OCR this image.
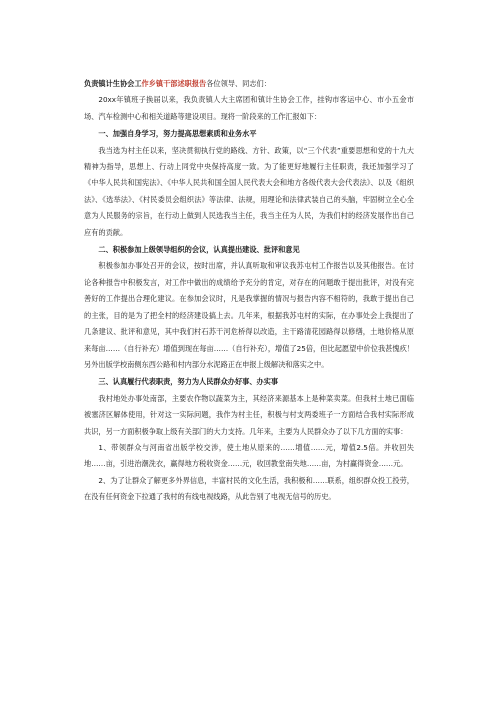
负责镇计生协会工作乡镇干部述职报告各位领导、同志们：

20xx年镇班子换届以来，我负责镇人大主席团和镇计生协会工作，挂钩市客运中心、市小五金市场、汽车检测中心和相关道路等建设项目。现将一阶段来的工作汇报如下：

一、加强自身学习，努力提高思想素质和业务水平

我当选为村主任以来，坚决贯彻执行党的路线、方针、政策，以“三个代表”重要思想和党的十九大精神为指导，思想上、行动上同党中央保持高度一致。为了能更好地履行主任职责，我还加强学习了《中华人民共和国宪法》、《中华人民共和国全国人民代表大会和地方各级代表大会代表法》、以及《组织法》、《选举法》、《村民委员会组织法》等法律、法规，用理论和法律武装自己的头脑，牢固树立全心全意为人民服务的宗旨，在行动上做到人民选我当主任，我当主任为人民，为我们村的经济发展作出自己应有的贡献。

二、积极参加上级领导组织的会议，认真提出建设、批评和意见

积极参加办事处召开的会议，按时出席，并认真听取和审议我苏屯村工作报告以及其他报告。在讨论各种报告中积极发言，对工作中做出的成绩给予充分的肯定，对存在的问题敢于提出批评，对没有完善好的工作提出合理化建议。在参加会议时，凡是我掌握的情况与报告内容不相符的，我敢于提出自己的主张，目的是为了把全村的经济建设搞上去。几年来，根据我苏屯村的实际，在办事处会上我提出了几条建议、批评和意见，其中我们村石苏干河危桥得以改造，主干路清花园路得以修缮，土地价格从原来每亩……（自行补充）增值到现在每亩……（自行补充），增值了25倍，但比起愿望中价位我甚愧疚！另外出版学校南侧东西公路和村内部分水泥路正在申报上级解决和落实之中。

三、认真履行代表职责，努力为人民群众办好事、办实事

我村地处办事处南部，主要农作物以蔬菜为主，其经济来源基本上是种菜卖菜。但我村土地已面临被塞济区解体使用，针对这一实际问题，我作为村主任，积极与村支两委班子一方面结合我村实际形成共识，另一方面积极争取上级有关部门的大力支持。几年来，主要为人民群众办了以下几方面的实事：

1、带领群众与河南省出版学校交涉，使土地从原来的……增值……元，增值2.5倍。并收回失地……亩，引进治潮洗衣，赢得地方税收资金……元，收回教堂南失地……亩，为村赢得资金……元。

2、为了让群众了解更多外界信息，丰富村民的文化生活，我积极和……联系，组织群众投工投劳，在没有任何资金下拉通了我村的有线电视线路，从此告别了电视无信号的历史。
